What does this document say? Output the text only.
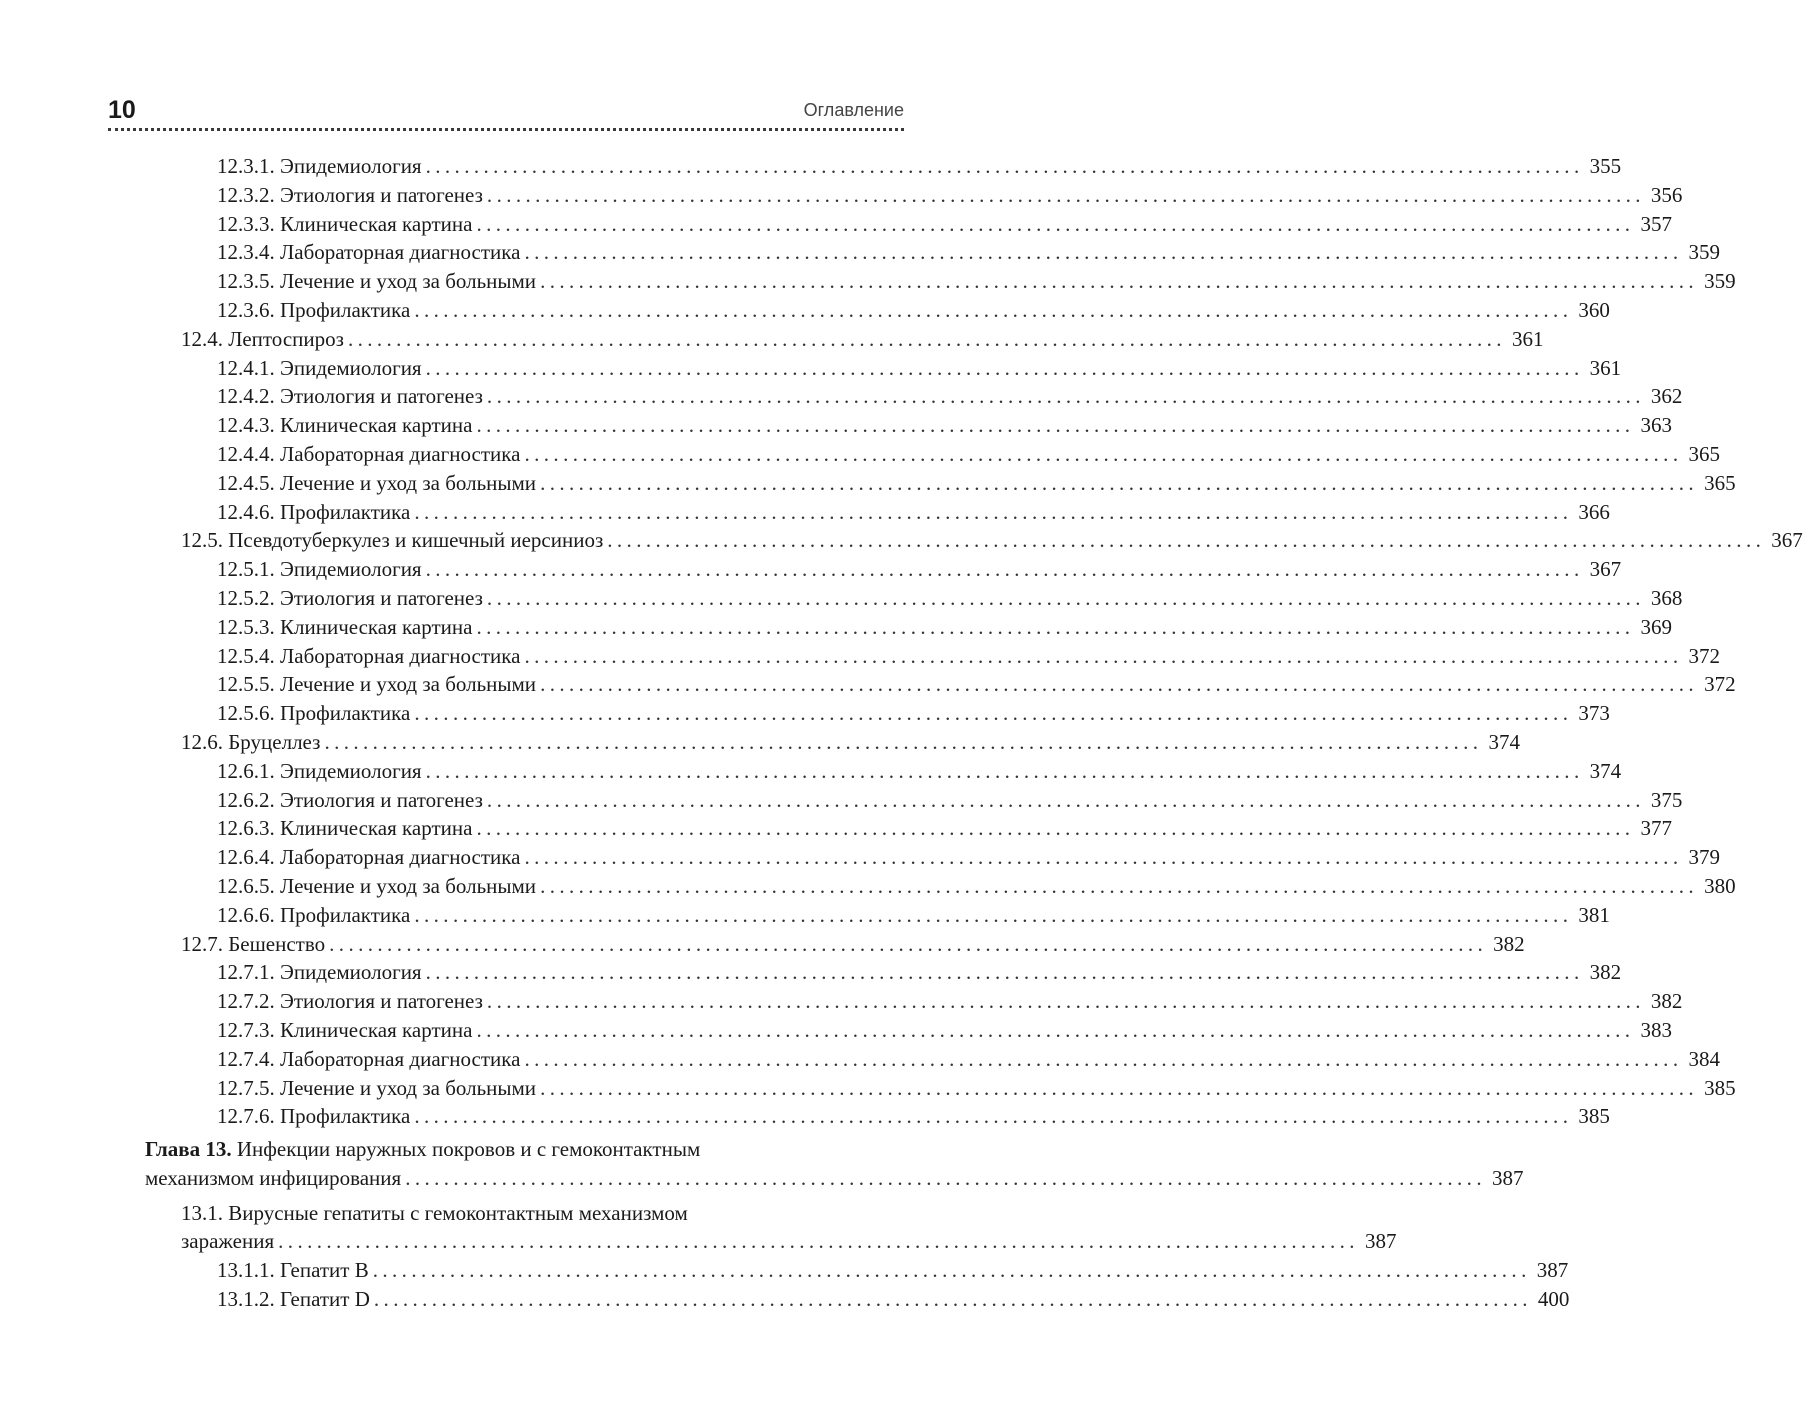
10	Оглавление
12.3.1. Эпидемиология ........................................................................................................................ 355
12.3.2. Этиология и патогенез ........................................................................................................................ 356
12.3.3. Клиническая картина ........................................................................................................................ 357
12.3.4. Лабораторная диагностика ........................................................................................................................ 359
12.3.5. Лечение и уход за больными ........................................................................................................................ 359
12.3.6. Профилактика ........................................................................................................................ 360
12.4. Лептоспироз ........................................................................................................................ 361
12.4.1. Эпидемиология ........................................................................................................................ 361
12.4.2. Этиология и патогенез ........................................................................................................................ 362
12.4.3. Клиническая картина ........................................................................................................................ 363
12.4.4. Лабораторная диагностика ........................................................................................................................ 365
12.4.5. Лечение и уход за больными ........................................................................................................................ 365
12.4.6. Профилактика ........................................................................................................................ 366
12.5. Псевдотуберкулез и кишечный иерсиниоз ........................................................................................................................ 367
12.5.1. Эпидемиология ........................................................................................................................ 367
12.5.2. Этиология и патогенез ........................................................................................................................ 368
12.5.3. Клиническая картина ........................................................................................................................ 369
12.5.4. Лабораторная диагностика ........................................................................................................................ 372
12.5.5. Лечение и уход за больными ........................................................................................................................ 372
12.5.6. Профилактика ........................................................................................................................ 373
12.6. Бруцеллез ........................................................................................................................ 374
12.6.1. Эпидемиология ........................................................................................................................ 374
12.6.2. Этиология и патогенез ........................................................................................................................ 375
12.6.3. Клиническая картина ........................................................................................................................ 377
12.6.4. Лабораторная диагностика ........................................................................................................................ 379
12.6.5. Лечение и уход за больными ........................................................................................................................ 380
12.6.6. Профилактика ........................................................................................................................ 381
12.7. Бешенство ........................................................................................................................ 382
12.7.1. Эпидемиология ........................................................................................................................ 382
12.7.2. Этиология и патогенез ........................................................................................................................ 382
12.7.3. Клиническая картина ........................................................................................................................ 383
12.7.4. Лабораторная диагностика ........................................................................................................................ 384
12.7.5. Лечение и уход за больными ........................................................................................................................ 385
12.7.6. Профилактика ........................................................................................................................ 385
Глава 13. Инфекции наружных покровов и с гемоконтактным
механизмом инфицирования ................................................................................................................ 387
13.1. Вирусные гепатиты с гемоконтактным механизмом
заражения ................................................................................................................ 387
13.1.1. Гепатит B ........................................................................................................................ 387
13.1.2. Гепатит D ........................................................................................................................ 400
